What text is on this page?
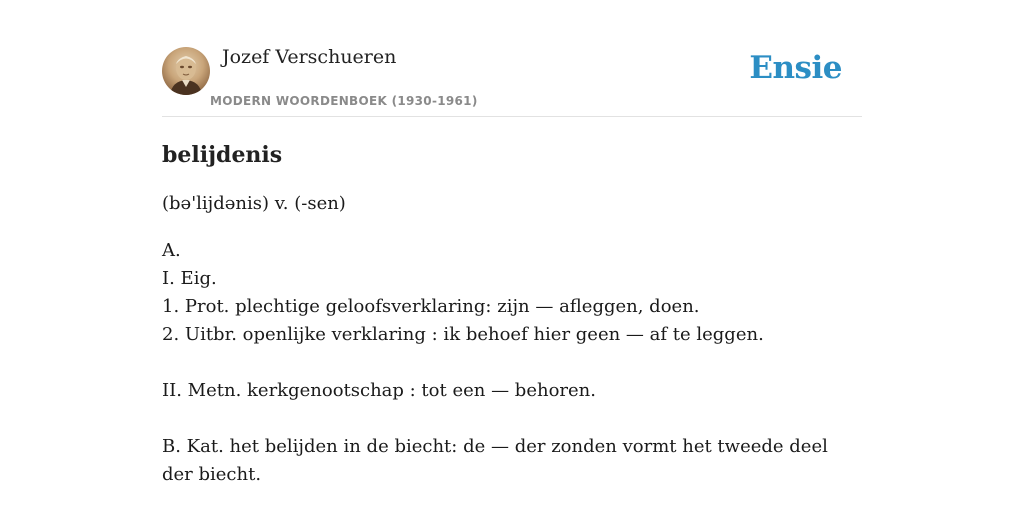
Jozef Verschueren
MODERN WOORDENBOEK (1930-1961)
Ensie
belijdenis
(bə'lijdənis) v. (-sen)
A.
I. Eig.
1. Prot. plechtige geloofsverklaring: zijn — afleggen, doen.
2. Uitbr. openlijke verklaring : ik behoef hier geen — af te leggen.
II. Metn. kerkgenootschap : tot een — behoren.
B. Kat. het belijden in de biecht: de — der zonden vormt het tweede deel der biecht.
